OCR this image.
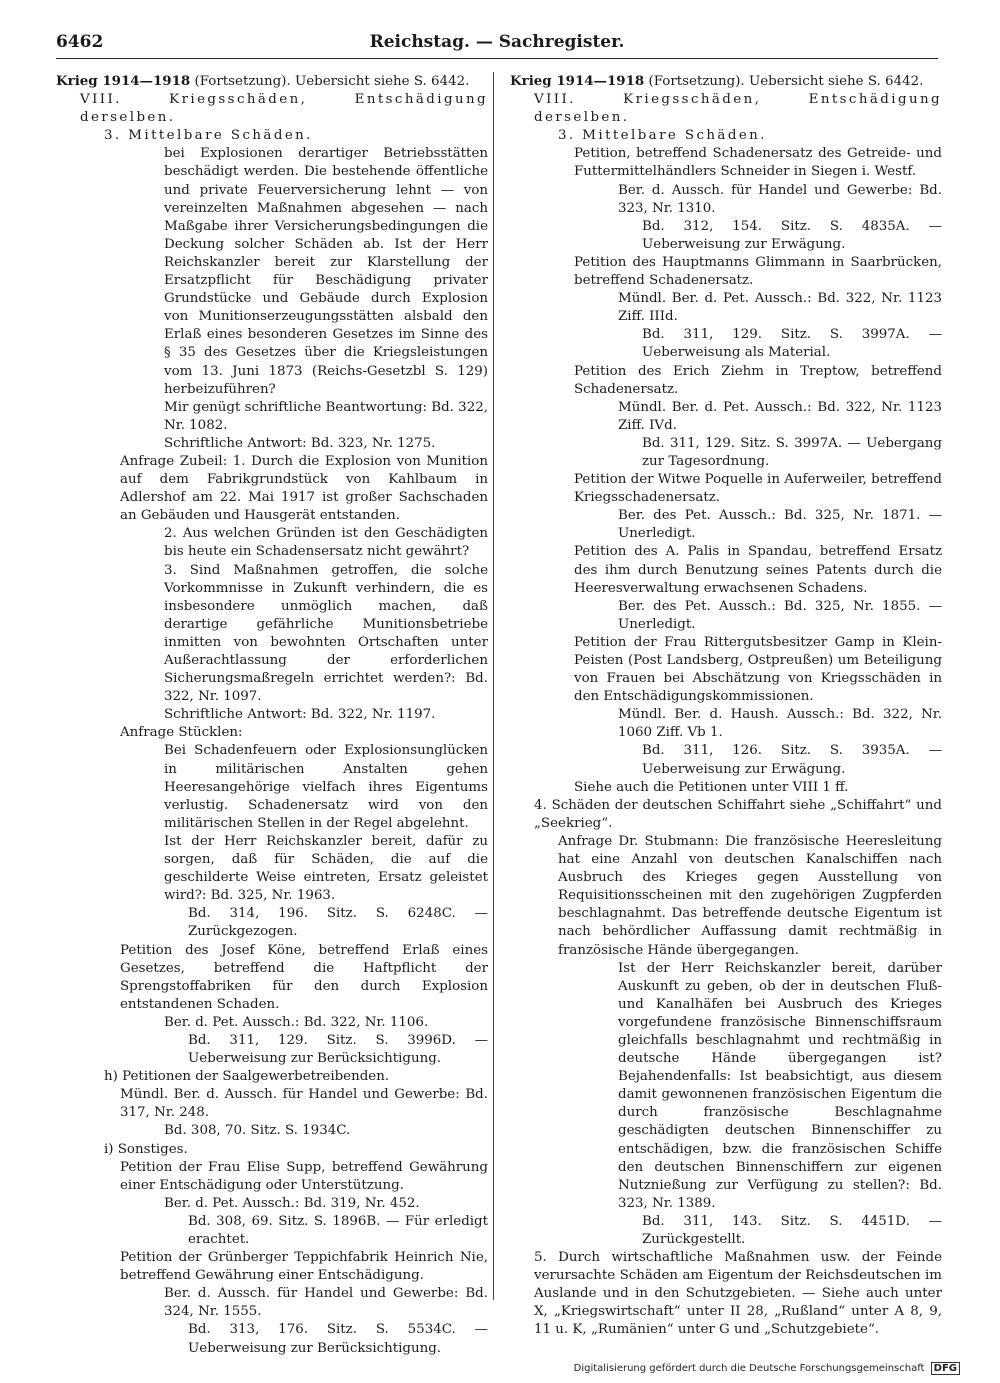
6462	Reichstag. — Sachregister.

Krieg 1914—1918 (Fortsetzung). Uebersicht siehe S. 6442.

VIII. Kriegsschäden, Entschädigung derselben.

3. Mittelbare Schäden.

bei Explosionen derartiger Betriebsstätten beschädigt werden. Die bestehende öffentliche und private Feuerversicherung lehnt — von vereinzelten Maßnahmen abgesehen — nach Maßgabe ihrer Versicherungsbedingungen die Deckung solcher Schäden ab. Ist der Herr Reichskanzler bereit zur Klarstellung der Ersatzpflicht für Beschädigung privater Grundstücke und Gebäude durch Explosion von Munitionserzeugungsstätten alsbald den Erlaß eines besonderen Gesetzes im Sinne des § 35 des Gesetzes über die Kriegsleistungen vom 13. Juni 1873 (Reichs-Gesetzbl S. 129) herbeizuführen?

Mir genügt schriftliche Beantwortung: Bd. 322, Nr. 1082.

Schriftliche Antwort: Bd. 323, Nr. 1275.

Anfrage Zubeil: 1. Durch die Explosion von Munition auf dem Fabrikgrundstück von Kahlbaum in Adlershof am 22. Mai 1917 ist großer Sachschaden an Gebäuden und Hausgerät entstanden.

2. Aus welchen Gründen ist den Geschädigten bis heute ein Schadensersatz nicht gewährt?

3. Sind Maßnahmen getroffen, die solche Vorkommnisse in Zukunft verhindern, die es insbesondere unmöglich machen, daß derartige gefährliche Munitionsbetriebe inmitten von bewohnten Ortschaften unter Außerachtlassung der erforderlichen Sicherungsmaßregeln errichtet werden?: Bd. 322, Nr. 1097.

Schriftliche Antwort: Bd. 322, Nr. 1197.

Anfrage Stücklen:

Bei Schadenfeuern oder Explosionsunglücken in militärischen Anstalten gehen Heeresangehörige vielfach ihres Eigentums verlustig. Schadenersatz wird von den militärischen Stellen in der Regel abgelehnt.

Ist der Herr Reichskanzler bereit, dafür zu sorgen, daß für Schäden, die auf die geschilderte Weise eintreten, Ersatz geleistet wird?: Bd. 325, Nr. 1963.

Bd. 314, 196. Sitz. S. 6248C. — Zurückgezogen.

Petition des Josef Köne, betreffend Erlaß eines Gesetzes, betreffend die Haftpflicht der Sprengstoffabriken für den durch Explosion entstandenen Schaden.

Ber. d. Pet. Aussch.: Bd. 322, Nr. 1106.

Bd. 311, 129. Sitz. S. 3996D. — Ueberweisung zur Berücksichtigung.

h) Petitionen der Saalgewerbetreibenden.

Mündl. Ber. d. Aussch. für Handel und Gewerbe: Bd. 317, Nr. 248.

Bd. 308, 70. Sitz. S. 1934C.

i) Sonstiges.

Petition der Frau Elise Supp, betreffend Gewährung einer Entschädigung oder Unterstützung.

Ber. d. Pet. Aussch.: Bd. 319, Nr. 452.

Bd. 308, 69. Sitz. S. 1896B. — Für erledigt erachtet.

Petition der Grünberger Teppichfabrik Heinrich Nie, betreffend Gewährung einer Entschädigung.

Ber. d. Aussch. für Handel und Gewerbe: Bd. 324, Nr. 1555.

Bd. 313, 176. Sitz. S. 5534C. — Ueberweisung zur Berücksichtigung.

Krieg 1914—1918 (Fortsetzung). Uebersicht siehe S. 6442.

VIII. Kriegsschäden, Entschädigung derselben.

3. Mittelbare Schäden.

Petition, betreffend Schadenersatz des Getreide- und Futtermittelhändlers Schneider in Siegen i. Westf.

Ber. d. Aussch. für Handel und Gewerbe: Bd. 323, Nr. 1310.

Bd. 312, 154. Sitz. S. 4835A. — Ueberweisung zur Erwägung.

Petition des Hauptmanns Glimmann in Saarbrücken, betreffend Schadenersatz.

Mündl. Ber. d. Pet. Aussch.: Bd. 322, Nr. 1123 Ziff. IIId.

Bd. 311, 129. Sitz. S. 3997A. — Ueberweisung als Material.

Petition des Erich Ziehm in Treptow, betreffend Schadenersatz.

Mündl. Ber. d. Pet. Aussch.: Bd. 322, Nr. 1123 Ziff. IVd.

Bd. 311, 129. Sitz. S. 3997A. — Uebergang zur Tagesordnung.

Petition der Witwe Poquelle in Auferweiler, betreffend Kriegsschadenersatz.

Ber. des Pet. Aussch.: Bd. 325, Nr. 1871. — Unerledigt.

Petition des A. Palis in Spandau, betreffend Ersatz des ihm durch Benutzung seines Patents durch die Heeresverwaltung erwachsenen Schadens.

Ber. des Pet. Aussch.: Bd. 325, Nr. 1855. — Unerledigt.

Petition der Frau Rittergutsbesitzer Gamp in Klein-Peisten (Post Landsberg, Ostpreußen) um Beteiligung von Frauen bei Abschätzung von Kriegsschäden in den Entschädigungskommissionen.

Mündl. Ber. d. Haush. Aussch.: Bd. 322, Nr. 1060 Ziff. Vb 1.

Bd. 311, 126. Sitz. S. 3935A. — Ueberweisung zur Erwägung.

Siehe auch die Petitionen unter VIII 1 ff.

4. Schäden der deutschen Schiffahrt siehe „Schiffahrt“ und „Seekrieg“.

Anfrage Dr. Stubmann: Die französische Heeresleitung hat eine Anzahl von deutschen Kanalschiffen nach Ausbruch des Krieges gegen Ausstellung von Requisitionsscheinen mit den zugehörigen Zugpferden beschlagnahmt. Das betreffende deutsche Eigentum ist nach behördlicher Auffassung damit rechtmäßig in französische Hände übergegangen.

Ist der Herr Reichskanzler bereit, darüber Auskunft zu geben, ob der in deutschen Fluß- und Kanalhäfen bei Ausbruch des Krieges vorgefundene französische Binnenschiffsraum gleichfalls beschlagnahmt und rechtmäßig in deutsche Hände übergegangen ist? Bejahendenfalls: Ist beabsichtigt, aus diesem damit gewonnenen französischen Eigentum die durch französische Beschlagnahme geschädigten deutschen Binnenschiffer zu entschädigen, bzw. die französischen Schiffe den deutschen Binnenschiffern zur eigenen Nutznießung zur Verfügung zu stellen?: Bd. 323, Nr. 1389.

Bd. 311, 143. Sitz. S. 4451D. — Zurückgestellt.

5. Durch wirtschaftliche Maßnahmen usw. der Feinde verursachte Schäden am Eigentum der Reichsdeutschen im Auslande und in den Schutzgebieten. — Siehe auch unter X, „Kriegswirtschaft“ unter II 28, „Rußland“ unter A 8, 9, 11 u. K, „Rumänien“ unter G und „Schutzgebiete“.

Digitalisierung gefördert durch die Deutsche Forschungsgemeinschaft DFG
